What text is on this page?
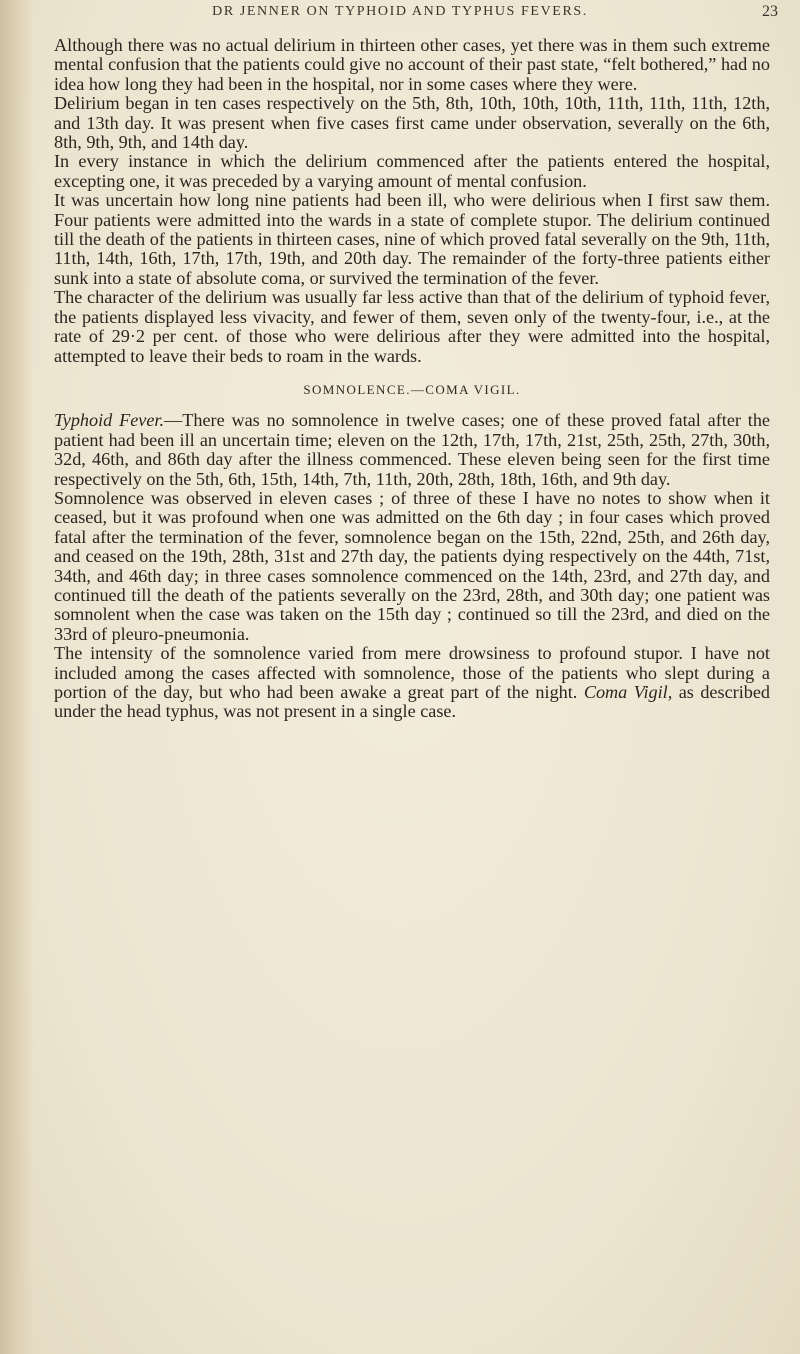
DR JENNER ON TYPHOID AND TYPHUS FEVERS.	23

Although there was no actual delirium in thirteen other cases, yet there was in them such extreme mental confusion that the patients could give no account of their past state, “felt bothered,” had no idea how long they had been in the hospital, nor in some cases where they were.

Delirium began in ten cases respectively on the 5th, 8th, 10th, 10th, 10th, 11th, 11th, 11th, 12th, and 13th day. It was present when five cases first came under observation, severally on the 6th, 8th, 9th, 9th, and 14th day.

In every instance in which the delirium commenced after the patients entered the hospital, excepting one, it was preceded by a varying amount of mental confusion.

It was uncertain how long nine patients had been ill, who were delirious when I first saw them. Four patients were admitted into the wards in a state of complete stupor. The delirium continued till the death of the patients in thirteen cases, nine of which proved fatal severally on the 9th, 11th, 11th, 14th, 16th, 17th, 17th, 19th, and 20th day. The remainder of the forty-three patients either sunk into a state of absolute coma, or survived the termination of the fever.

The character of the delirium was usually far less active than that of the delirium of typhoid fever, the patients displayed less vivacity, and fewer of them, seven only of the twenty-four, i.e., at the rate of 29·2 per cent. of those who were delirious after they were admitted into the hospital, attempted to leave their beds to roam in the wards.

SOMNOLENCE.—COMA VIGIL.

Typhoid Fever.—There was no somnolence in twelve cases; one of these proved fatal after the patient had been ill an uncertain time; eleven on the 12th, 17th, 17th, 21st, 25th, 25th, 27th, 30th, 32d, 46th, and 86th day after the illness commenced. These eleven being seen for the first time respectively on the 5th, 6th, 15th, 14th, 7th, 11th, 20th, 28th, 18th, 16th, and 9th day.

Somnolence was observed in eleven cases ; of three of these I have no notes to show when it ceased, but it was profound when one was admitted on the 6th day ; in four cases which proved fatal after the termination of the fever, somnolence began on the 15th, 22nd, 25th, and 26th day, and ceased on the 19th, 28th, 31st and 27th day, the patients dying respectively on the 44th, 71st, 34th, and 46th day; in three cases somnolence commenced on the 14th, 23rd, and 27th day, and continued till the death of the patients severally on the 23rd, 28th, and 30th day; one patient was somnolent when the case was taken on the 15th day ; continued so till the 23rd, and died on the 33rd of pleuro-pneumonia.

The intensity of the somnolence varied from mere drowsiness to profound stupor. I have not included among the cases affected with somnolence, those of the patients who slept during a portion of the day, but who had been awake a great part of the night. Coma Vigil, as described under the head typhus, was not present in a single case.
